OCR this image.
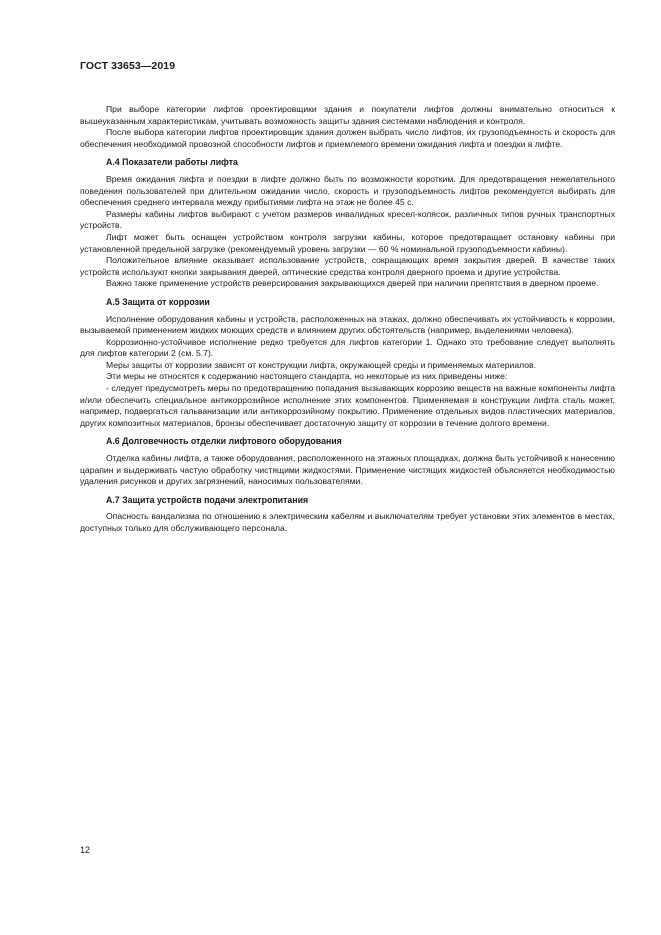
ГОСТ 33653—2019

При выборе категории лифтов проектировщики здания и покупатели лифтов должны внимательно относиться к вышеуказанным характеристикам, учитывать возможность защиты здания системами наблюдения и контроля.

После выбора категории лифтов проектировщик здания должен выбрать число лифтов, их грузоподъемность и скорость для обеспечения необходимой провозной способности лифтов и приемлемого времени ожидания лифта и поездки в лифте.

А.4 Показатели работы лифта

Время ожидания лифта и поездки в лифте должно быть по возможности коротким. Для предотвращения нежелательного поведения пользователей при длительном ожидании число, скорость и грузоподъемность лифтов рекомендуется выбирать для обеспечения среднего интервала между прибытиями лифта на этаж не более 45 с.

Размеры кабины лифтов выбирают с учетом размеров инвалидных кресел-колясок, различных типов ручных транспортных устройств.

Лифт может быть оснащен устройством контроля загрузки кабины, которое предотвращает остановку кабины при установленной предельной загрузке (рекомендуемый уровень загрузки — 60 % номинальной грузоподъемности кабины).

Положительное влияние оказывает использование устройств, сокращающих время закрытия дверей. В качестве таких устройств используют кнопки закрывания дверей, оптические средства контроля дверного проема и другие устройства.

Важно также применение устройств реверсирования закрывающихся дверей при наличии препятствия в дверном проеме.

А.5 Защита от коррозии

Исполнение оборудования кабины и устройств, расположенных на этажах, должно обеспечивать их устойчивость к коррозии, вызываемой применением жидких моющих средств и влиянием других обстоятельств (например, выделениями человека).

Коррозионно-устойчивое исполнение редко требуется для лифтов категории 1. Однако это требование следует выполнять для лифтов категории 2 (см. 5.7).

Меры защиты от коррозии зависят от конструкции лифта, окружающей среды и применяемых материалов.

Эти меры не относятся к содержанию настоящего стандарта, но некоторые из них приведены ниже:

- следует предусмотреть меры по предотвращению попадания вызывающих коррозию веществ на важные компоненты лифта и/или обеспечить специальное антикоррозийное исполнение этих компонентов. Применяемая в конструкции лифта сталь может, например, подвергаться гальванизации или антикоррозийному покрытию. Применение отдельных видов пластических материалов, других композитных материалов, бронзы обеспечивает достаточную защиту от коррозии в течение долгого времени.

А.6 Долговечность отделки лифтового оборудования

Отделка кабины лифта, а также оборудования, расположенного на этажных площадках, должна быть устойчивой к нанесению царапин и выдерживать частую обработку чистящими жидкостями. Применение чистящих жидкостей объясняется необходимостью удаления рисунков и других загрязнений, наносимых пользователями.

А.7 Защита устройств подачи электропитания

Опасность вандализма по отношению к электрическим кабелям и выключателям требует установки этих элементов в местах, доступных только для обслуживающего персонала.

12
